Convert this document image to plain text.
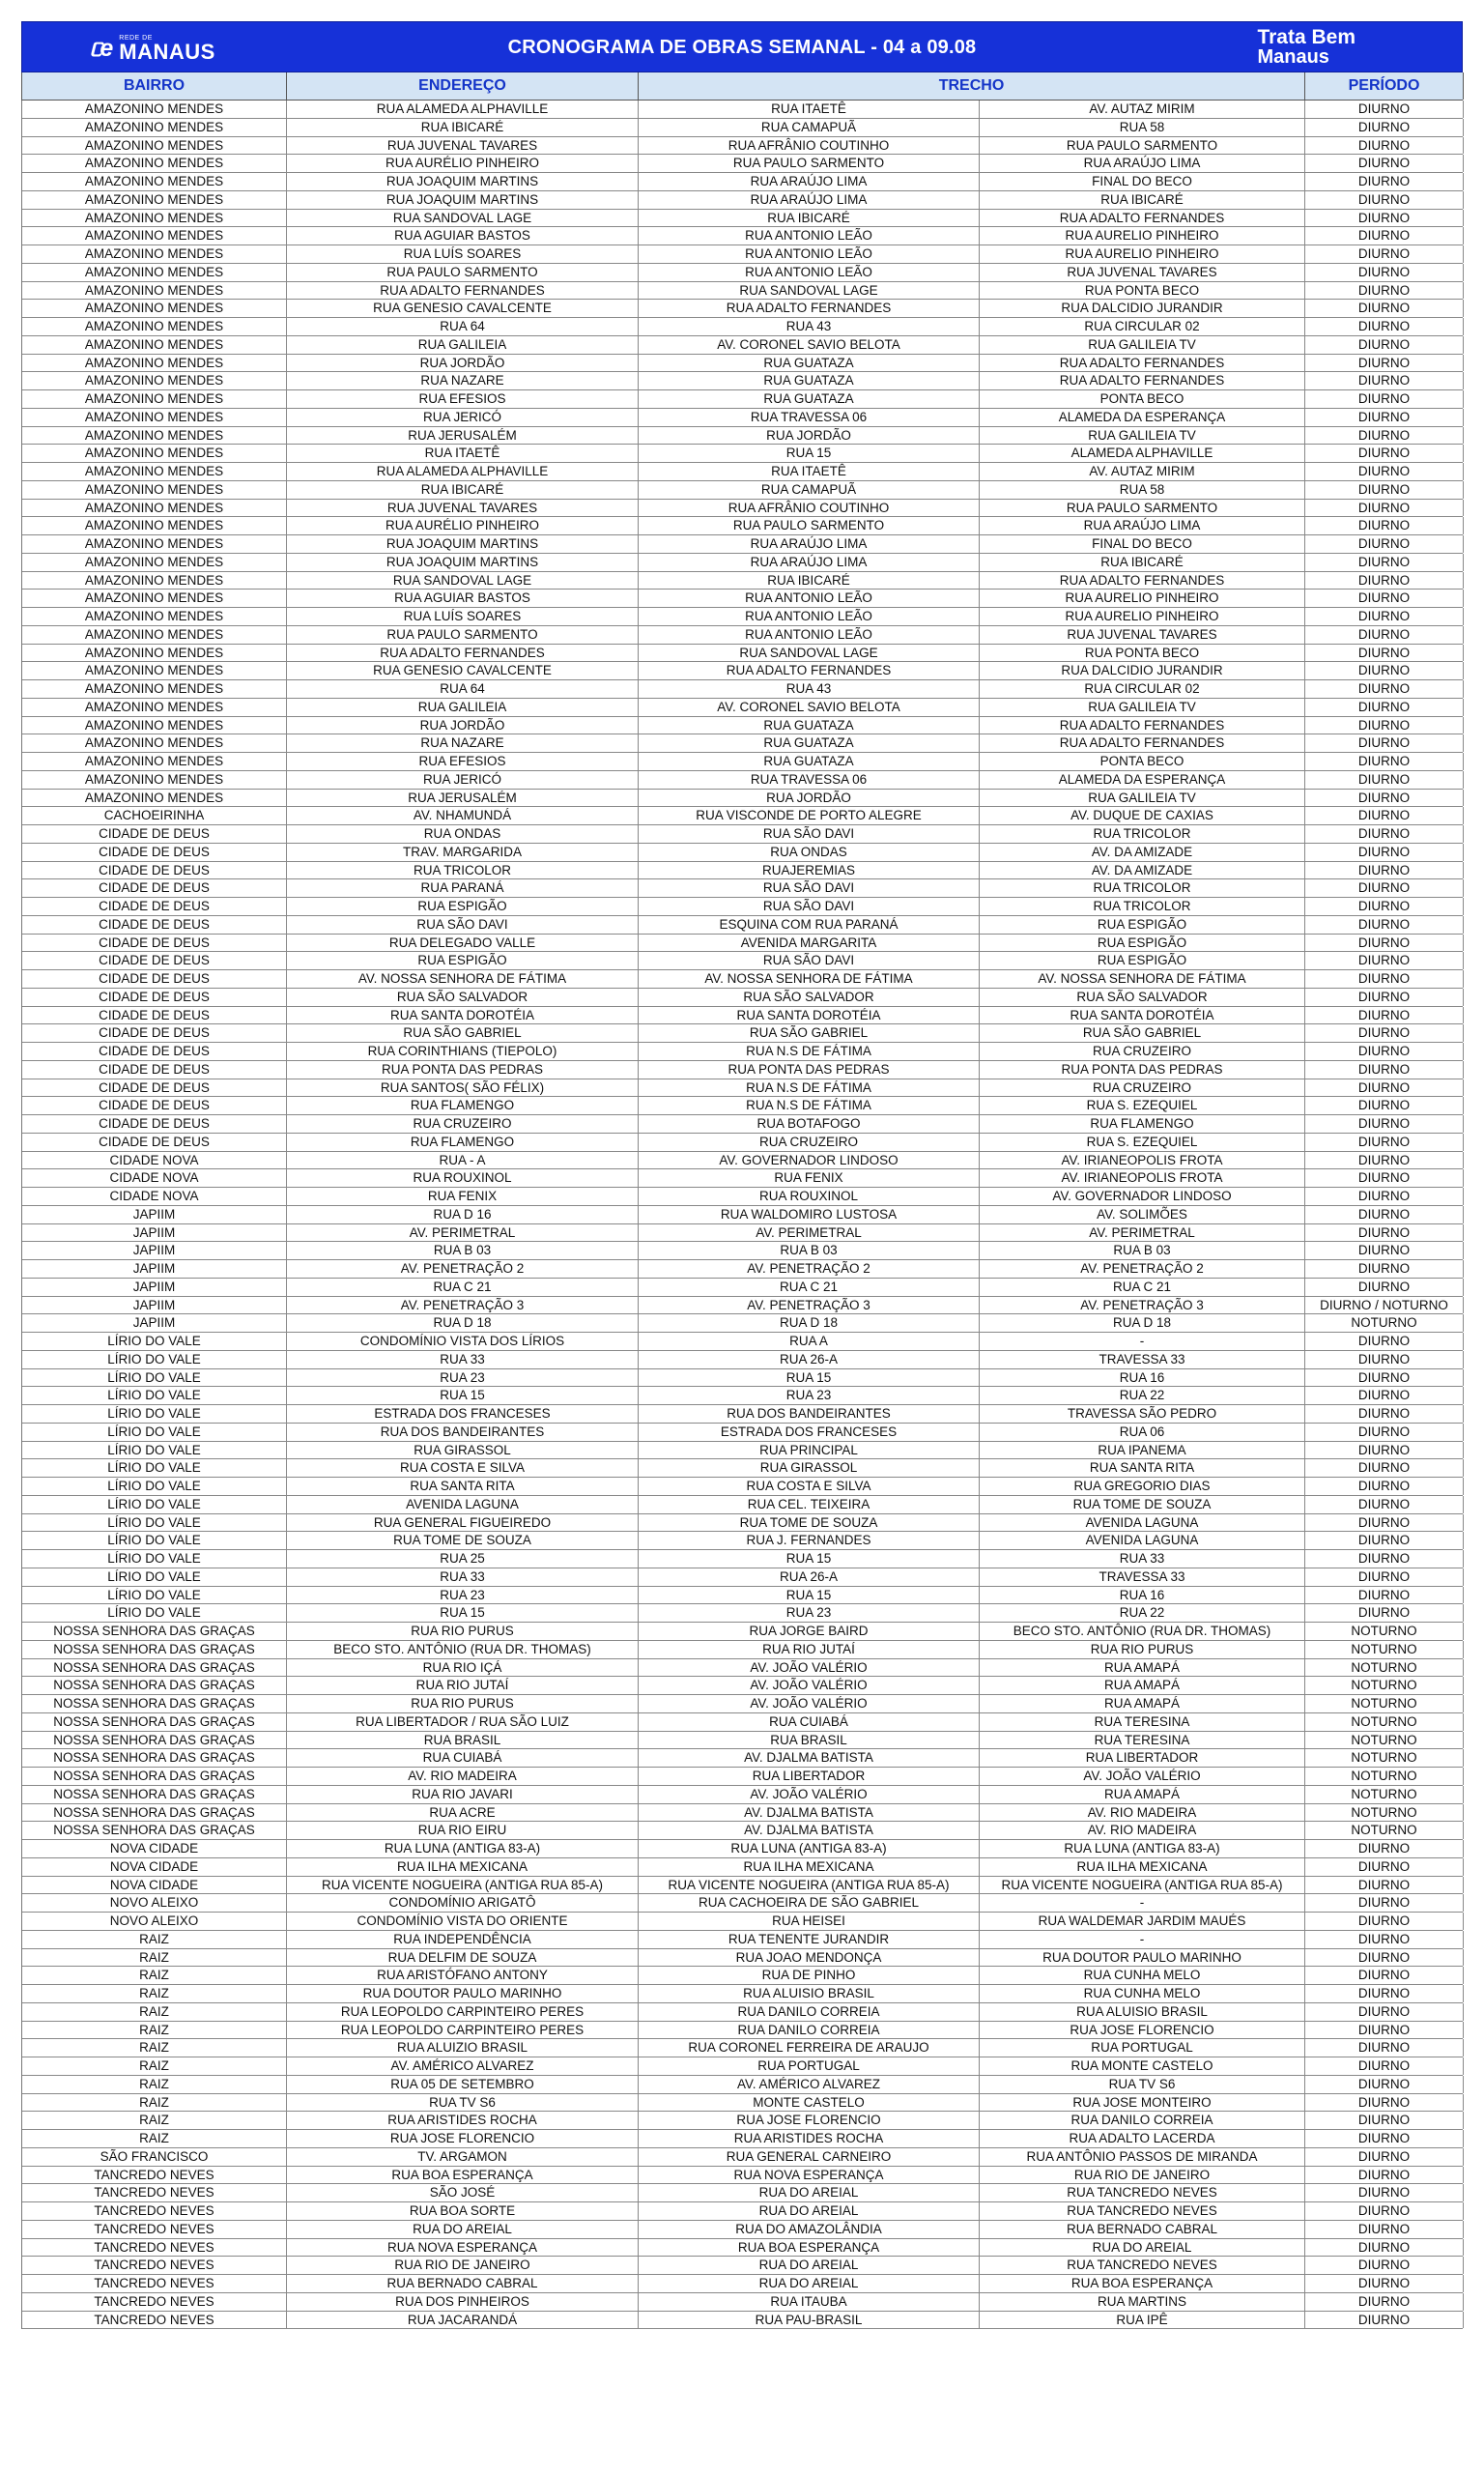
ᥴe REDE DE
MANAUS	CRONOGRAMA DE OBRAS SEMANAL - 04 a 09.08	Trata Bem
Manaus
BAIRRO	ENDEREÇO	TRECHO	PERÍODO
AMAZONINO MENDES	RUA ALAMEDA ALPHAVILLE	RUA ITAETÊ	AV. AUTAZ MIRIM	DIURNO
AMAZONINO MENDES	RUA IBICARÉ	RUA CAMAPUÃ	RUA 58	DIURNO
AMAZONINO MENDES	RUA JUVENAL TAVARES	RUA AFRÂNIO COUTINHO	RUA PAULO SARMENTO	DIURNO
AMAZONINO MENDES	RUA AURÉLIO PINHEIRO	RUA PAULO SARMENTO	RUA ARAÚJO LIMA	DIURNO
AMAZONINO MENDES	RUA JOAQUIM MARTINS	RUA ARAÚJO LIMA	FINAL DO BECO	DIURNO
AMAZONINO MENDES	RUA JOAQUIM MARTINS	RUA ARAÚJO LIMA	RUA IBICARÉ	DIURNO
AMAZONINO MENDES	RUA SANDOVAL LAGE	RUA IBICARÉ	RUA ADALTO FERNANDES	DIURNO
AMAZONINO MENDES	RUA AGUIAR BASTOS	RUA ANTONIO LEÃO	RUA AURELIO PINHEIRO	DIURNO
AMAZONINO MENDES	RUA LUÍS SOARES	RUA ANTONIO LEÃO	RUA AURELIO PINHEIRO	DIURNO
AMAZONINO MENDES	RUA PAULO SARMENTO	RUA ANTONIO LEÃO	RUA JUVENAL TAVARES	DIURNO
AMAZONINO MENDES	RUA ADALTO FERNANDES	RUA SANDOVAL LAGE	RUA PONTA BECO	DIURNO
AMAZONINO MENDES	RUA GENESIO CAVALCENTE	RUA ADALTO FERNANDES	RUA DALCIDIO JURANDIR	DIURNO
AMAZONINO MENDES	RUA 64	RUA 43	RUA CIRCULAR 02	DIURNO
AMAZONINO MENDES	RUA GALILEIA	AV. CORONEL SAVIO BELOTA	RUA GALILEIA TV	DIURNO
AMAZONINO MENDES	RUA JORDÃO	RUA GUATAZA	RUA ADALTO FERNANDES	DIURNO
AMAZONINO MENDES	RUA NAZARE	RUA GUATAZA	RUA ADALTO FERNANDES	DIURNO
AMAZONINO MENDES	RUA EFESIOS	RUA GUATAZA	PONTA BECO	DIURNO
AMAZONINO MENDES	RUA JERICÓ	RUA TRAVESSA 06	ALAMEDA DA ESPERANÇA	DIURNO
AMAZONINO MENDES	RUA JERUSALÉM	RUA JORDÃO	RUA GALILEIA TV	DIURNO
AMAZONINO MENDES	RUA ITAETÊ	RUA 15	ALAMEDA ALPHAVILLE	DIURNO
AMAZONINO MENDES	RUA ALAMEDA ALPHAVILLE	RUA ITAETÊ	AV. AUTAZ MIRIM	DIURNO
AMAZONINO MENDES	RUA IBICARÉ	RUA CAMAPUÃ	RUA 58	DIURNO
AMAZONINO MENDES	RUA JUVENAL TAVARES	RUA AFRÂNIO COUTINHO	RUA PAULO SARMENTO	DIURNO
AMAZONINO MENDES	RUA AURÉLIO PINHEIRO	RUA PAULO SARMENTO	RUA ARAÚJO LIMA	DIURNO
AMAZONINO MENDES	RUA JOAQUIM MARTINS	RUA ARAÚJO LIMA	FINAL DO BECO	DIURNO
AMAZONINO MENDES	RUA JOAQUIM MARTINS	RUA ARAÚJO LIMA	RUA IBICARÉ	DIURNO
AMAZONINO MENDES	RUA SANDOVAL LAGE	RUA IBICARÉ	RUA ADALTO FERNANDES	DIURNO
AMAZONINO MENDES	RUA AGUIAR BASTOS	RUA ANTONIO LEÃO	RUA AURELIO PINHEIRO	DIURNO
AMAZONINO MENDES	RUA LUÍS SOARES	RUA ANTONIO LEÃO	RUA AURELIO PINHEIRO	DIURNO
AMAZONINO MENDES	RUA PAULO SARMENTO	RUA ANTONIO LEÃO	RUA JUVENAL TAVARES	DIURNO
AMAZONINO MENDES	RUA ADALTO FERNANDES	RUA SANDOVAL LAGE	RUA PONTA BECO	DIURNO
AMAZONINO MENDES	RUA GENESIO CAVALCENTE	RUA ADALTO FERNANDES	RUA DALCIDIO JURANDIR	DIURNO
AMAZONINO MENDES	RUA 64	RUA 43	RUA CIRCULAR 02	DIURNO
AMAZONINO MENDES	RUA GALILEIA	AV. CORONEL SAVIO BELOTA	RUA GALILEIA TV	DIURNO
AMAZONINO MENDES	RUA JORDÃO	RUA GUATAZA	RUA ADALTO FERNANDES	DIURNO
AMAZONINO MENDES	RUA NAZARE	RUA GUATAZA	RUA ADALTO FERNANDES	DIURNO
AMAZONINO MENDES	RUA EFESIOS	RUA GUATAZA	PONTA BECO	DIURNO
AMAZONINO MENDES	RUA JERICÓ	RUA TRAVESSA 06	ALAMEDA DA ESPERANÇA	DIURNO
AMAZONINO MENDES	RUA JERUSALÉM	RUA JORDÃO	RUA GALILEIA TV	DIURNO
CACHOEIRINHA	AV. NHAMUNDÁ	RUA VISCONDE DE PORTO ALEGRE	AV. DUQUE DE CAXIAS	DIURNO
CIDADE DE DEUS	RUA ONDAS	RUA SÃO DAVI	RUA TRICOLOR	DIURNO
CIDADE DE DEUS	TRAV. MARGARIDA	RUA ONDAS	AV. DA AMIZADE	DIURNO
CIDADE DE DEUS	RUA TRICOLOR	RUAJEREMIAS	AV. DA AMIZADE	DIURNO
CIDADE DE DEUS	RUA PARANÁ	RUA SÃO DAVI	RUA TRICOLOR	DIURNO
CIDADE DE DEUS	RUA ESPIGÃO	RUA SÃO DAVI	RUA TRICOLOR	DIURNO
CIDADE DE DEUS	RUA SÃO DAVI	ESQUINA COM RUA PARANÁ	RUA ESPIGÃO	DIURNO
CIDADE DE DEUS	RUA DELEGADO VALLE	AVENIDA MARGARITA	RUA ESPIGÃO	DIURNO
CIDADE DE DEUS	RUA ESPIGÃO	RUA SÃO DAVI	RUA ESPIGÃO	DIURNO
CIDADE DE DEUS	AV. NOSSA SENHORA DE FÁTIMA	AV. NOSSA SENHORA DE FÁTIMA	AV. NOSSA SENHORA DE FÁTIMA	DIURNO
CIDADE DE DEUS	RUA SÃO SALVADOR	RUA SÃO SALVADOR	RUA SÃO SALVADOR	DIURNO
CIDADE DE DEUS	RUA SANTA DOROTÉIA	RUA SANTA DOROTÉIA	RUA SANTA DOROTÉIA	DIURNO
CIDADE DE DEUS	RUA SÃO GABRIEL	RUA SÃO GABRIEL	RUA SÃO GABRIEL	DIURNO
CIDADE DE DEUS	RUA CORINTHIANS (TIEPOLO)	RUA N.S DE FÁTIMA	RUA CRUZEIRO	DIURNO
CIDADE DE DEUS	RUA PONTA DAS PEDRAS	RUA PONTA DAS PEDRAS	RUA PONTA DAS PEDRAS	DIURNO
CIDADE DE DEUS	RUA SANTOS( SÃO FÉLIX)	RUA N.S DE FÁTIMA	RUA CRUZEIRO	DIURNO
CIDADE DE DEUS	RUA FLAMENGO	RUA N.S DE FÁTIMA	RUA S. EZEQUIEL	DIURNO
CIDADE DE DEUS	RUA CRUZEIRO	RUA BOTAFOGO	RUA FLAMENGO	DIURNO
CIDADE DE DEUS	RUA FLAMENGO	RUA CRUZEIRO	RUA S. EZEQUIEL	DIURNO
CIDADE NOVA	RUA - A	AV. GOVERNADOR LINDOSO	AV. IRIANEOPOLIS FROTA	DIURNO
CIDADE NOVA	RUA ROUXINOL	RUA FENIX	AV. IRIANEOPOLIS FROTA	DIURNO
CIDADE NOVA	RUA FENIX	RUA ROUXINOL	AV. GOVERNADOR LINDOSO	DIURNO
JAPIIM	RUA D 16	RUA WALDOMIRO LUSTOSA	AV. SOLIMÕES	DIURNO
JAPIIM	AV. PERIMETRAL	AV. PERIMETRAL	AV. PERIMETRAL	DIURNO
JAPIIM	RUA B 03	RUA B 03	RUA B 03	DIURNO
JAPIIM	AV. PENETRAÇÃO 2	AV. PENETRAÇÃO 2	AV. PENETRAÇÃO 2	DIURNO
JAPIIM	RUA C 21	RUA C 21	RUA C 21	DIURNO
JAPIIM	AV. PENETRAÇÃO 3	AV. PENETRAÇÃO 3	AV. PENETRAÇÃO 3	DIURNO / NOTURNO
JAPIIM	RUA D 18	RUA D 18	RUA D 18	NOTURNO
LÍRIO DO VALE	CONDOMÍNIO VISTA DOS LÍRIOS	RUA A	-	DIURNO
LÍRIO DO VALE	RUA 33	RUA 26-A	TRAVESSA 33	DIURNO
LÍRIO DO VALE	RUA 23	RUA 15	RUA 16	DIURNO
LÍRIO DO VALE	RUA 15	RUA 23	RUA 22	DIURNO
LÍRIO DO VALE	ESTRADA DOS FRANCESES	RUA DOS BANDEIRANTES	TRAVESSA SÃO PEDRO	DIURNO
LÍRIO DO VALE	RUA DOS BANDEIRANTES	ESTRADA DOS FRANCESES	RUA 06	DIURNO
LÍRIO DO VALE	RUA GIRASSOL	RUA PRINCIPAL	RUA IPANEMA	DIURNO
LÍRIO DO VALE	RUA COSTA E SILVA	RUA GIRASSOL	RUA SANTA RITA	DIURNO
LÍRIO DO VALE	RUA SANTA RITA	RUA COSTA E SILVA	RUA GREGORIO DIAS	DIURNO
LÍRIO DO VALE	AVENIDA LAGUNA	RUA CEL. TEIXEIRA	RUA TOME DE SOUZA	DIURNO
LÍRIO DO VALE	RUA GENERAL FIGUEIREDO	RUA TOME DE SOUZA	AVENIDA LAGUNA	DIURNO
LÍRIO DO VALE	RUA TOME DE SOUZA	RUA J. FERNANDES	AVENIDA LAGUNA	DIURNO
LÍRIO DO VALE	RUA 25	RUA 15	RUA 33	DIURNO
LÍRIO DO VALE	RUA 33	RUA 26-A	TRAVESSA 33	DIURNO
LÍRIO DO VALE	RUA 23	RUA 15	RUA 16	DIURNO
LÍRIO DO VALE	RUA 15	RUA 23	RUA 22	DIURNO
NOSSA SENHORA DAS GRAÇAS	RUA RIO PURUS	RUA JORGE BAIRD	BECO STO. ANTÔNIO (RUA DR. THOMAS)	NOTURNO
NOSSA SENHORA DAS GRAÇAS	BECO STO. ANTÔNIO (RUA DR. THOMAS)	RUA RIO JUTAÍ	RUA RIO PURUS	NOTURNO
NOSSA SENHORA DAS GRAÇAS	RUA RIO IÇÁ	AV. JOÃO VALÉRIO	RUA AMAPÁ	NOTURNO
NOSSA SENHORA DAS GRAÇAS	RUA RIO JUTAÍ	AV. JOÃO VALÉRIO	RUA AMAPÁ	NOTURNO
NOSSA SENHORA DAS GRAÇAS	RUA RIO PURUS	AV. JOÃO VALÉRIO	RUA AMAPÁ	NOTURNO
NOSSA SENHORA DAS GRAÇAS	RUA LIBERTADOR / RUA SÃO LUIZ	RUA CUIABÁ	RUA TERESINA	NOTURNO
NOSSA SENHORA DAS GRAÇAS	RUA BRASIL	RUA BRASIL	RUA TERESINA	NOTURNO
NOSSA SENHORA DAS GRAÇAS	RUA CUIABÁ	AV. DJALMA BATISTA	RUA LIBERTADOR	NOTURNO
NOSSA SENHORA DAS GRAÇAS	AV. RIO MADEIRA	RUA LIBERTADOR	AV. JOÃO VALÉRIO	NOTURNO
NOSSA SENHORA DAS GRAÇAS	RUA RIO JAVARI	AV. JOÃO VALÉRIO	RUA AMAPÁ	NOTURNO
NOSSA SENHORA DAS GRAÇAS	RUA ACRE	AV. DJALMA BATISTA	AV. RIO MADEIRA	NOTURNO
NOSSA SENHORA DAS GRAÇAS	RUA RIO EIRU	AV. DJALMA BATISTA	AV. RIO MADEIRA	NOTURNO
NOVA CIDADE	RUA LUNA (ANTIGA 83-A)	RUA LUNA (ANTIGA 83-A)	RUA LUNA (ANTIGA 83-A)	DIURNO
NOVA CIDADE	RUA ILHA MEXICANA	RUA ILHA MEXICANA	RUA ILHA MEXICANA	DIURNO
NOVA CIDADE	RUA VICENTE NOGUEIRA (ANTIGA RUA 85-A)	RUA VICENTE NOGUEIRA (ANTIGA RUA 85-A)	RUA VICENTE NOGUEIRA (ANTIGA RUA 85-A)	DIURNO
NOVO ALEIXO	CONDOMÍNIO ARIGATÔ	RUA CACHOEIRA DE SÃO GABRIEL	-	DIURNO
NOVO ALEIXO	CONDOMÍNIO VISTA DO ORIENTE	RUA HEISEI	RUA WALDEMAR JARDIM MAUÉS	DIURNO
RAIZ	RUA INDEPENDÊNCIA	RUA TENENTE JURANDIR	-	DIURNO
RAIZ	RUA DELFIM DE SOUZA	RUA JOAO MENDONÇA	RUA DOUTOR PAULO MARINHO	DIURNO
RAIZ	RUA ARISTÓFANO ANTONY	RUA DE PINHO	RUA CUNHA MELO	DIURNO
RAIZ	RUA DOUTOR PAULO MARINHO	RUA ALUISIO BRASIL	RUA CUNHA MELO	DIURNO
RAIZ	RUA LEOPOLDO CARPINTEIRO PERES	RUA DANILO CORREIA	RUA ALUISIO BRASIL	DIURNO
RAIZ	RUA LEOPOLDO CARPINTEIRO PERES	RUA DANILO CORREIA	RUA JOSE FLORENCIO	DIURNO
RAIZ	RUA ALUIZIO BRASIL	RUA CORONEL FERREIRA DE ARAUJO	RUA PORTUGAL	DIURNO
RAIZ	AV. AMÉRICO ALVAREZ	RUA PORTUGAL	RUA MONTE CASTELO	DIURNO
RAIZ	RUA 05 DE SETEMBRO	AV. AMÉRICO ALVAREZ	RUA TV S6	DIURNO
RAIZ	RUA TV S6	MONTE CASTELO	RUA JOSE MONTEIRO	DIURNO
RAIZ	RUA ARISTIDES ROCHA	RUA JOSE FLORENCIO	RUA DANILO CORREIA	DIURNO
RAIZ	RUA JOSE FLORENCIO	RUA ARISTIDES ROCHA	RUA ADALTO LACERDA	DIURNO
SÃO FRANCISCO	TV. ARGAMON	RUA GENERAL CARNEIRO	RUA ANTÔNIO PASSOS DE MIRANDA	DIURNO
TANCREDO NEVES	RUA BOA ESPERANÇA	RUA NOVA ESPERANÇA	RUA RIO DE JANEIRO	DIURNO
TANCREDO NEVES	SÃO JOSÉ	RUA DO AREIAL	RUA TANCREDO NEVES	DIURNO
TANCREDO NEVES	RUA BOA SORTE	RUA DO AREIAL	RUA TANCREDO NEVES	DIURNO
TANCREDO NEVES	RUA DO AREIAL	RUA DO AMAZOLÂNDIA	RUA BERNADO CABRAL	DIURNO
TANCREDO NEVES	RUA NOVA ESPERANÇA	RUA BOA ESPERANÇA	RUA DO AREIAL	DIURNO
TANCREDO NEVES	RUA RIO DE JANEIRO	RUA DO AREIAL	RUA TANCREDO NEVES	DIURNO
TANCREDO NEVES	RUA BERNADO CABRAL	RUA DO AREIAL	RUA BOA ESPERANÇA	DIURNO
TANCREDO NEVES	RUA DOS PINHEIROS	RUA ITAUBA	RUA MARTINS	DIURNO
TANCREDO NEVES	RUA JACARANDÁ	RUA PAU-BRASIL	RUA IPÊ	DIURNO
